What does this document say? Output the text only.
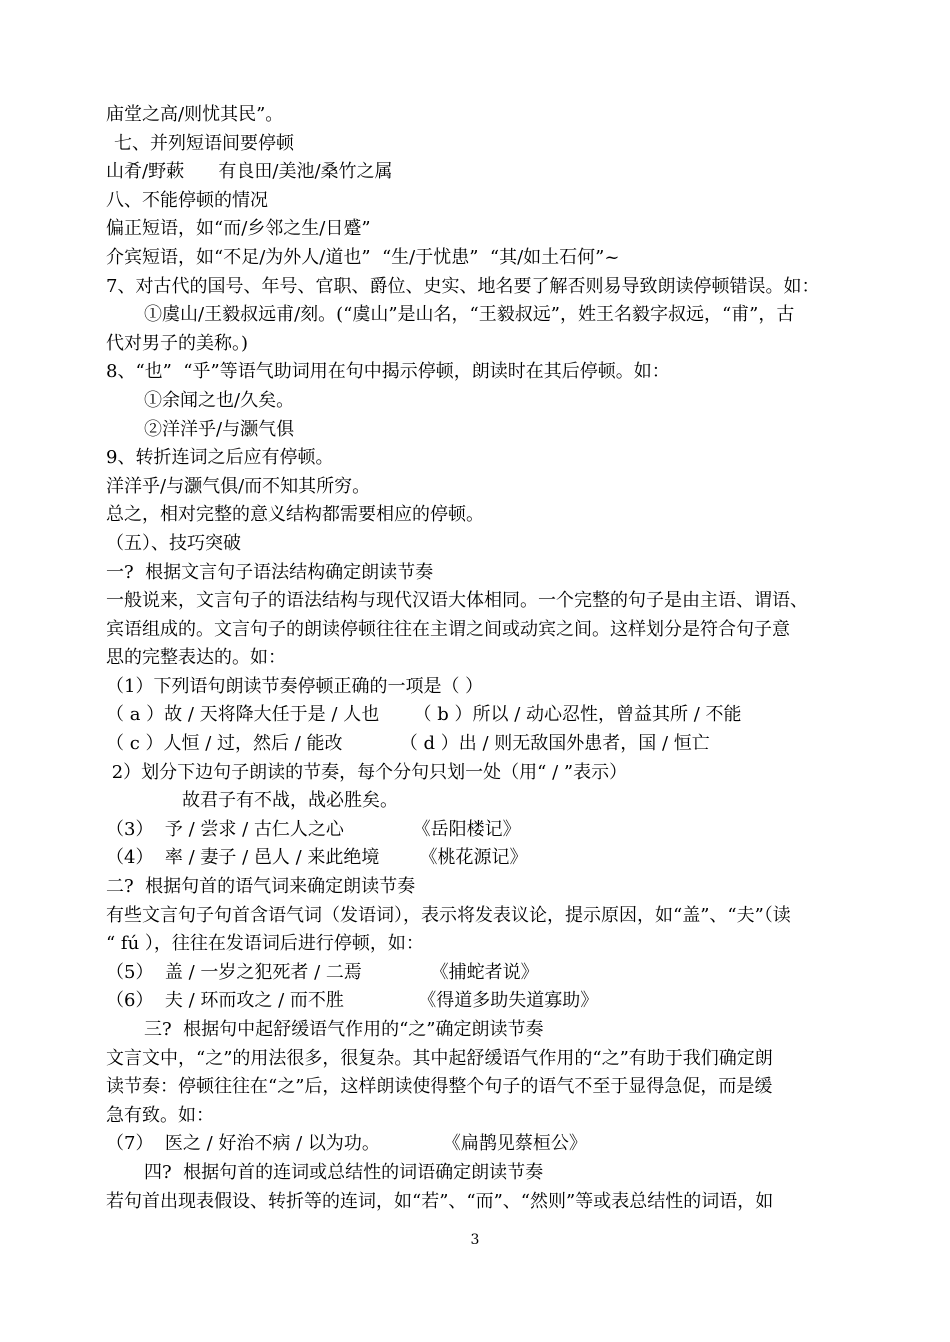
庙堂之高/则忧其民”。
七、并列短语间要停顿
山肴/野蔌      有良田/美池/桑竹之属
八、不能停顿的情况
偏正短语，如“而/乡邻之生/日蹙”
介宾短语，如“不足/为外人/道也”  “生/于忧患”  “其/如土石何”~
7、对古代的国号、年号、官职、爵位、史实、地名要了解否则易导致朗读停顿错误。如：
①虞山/王毅叔远甫/刻。(“虞山”是山名，“王毅叔远”，姓王名毅字叔远，“甫”，古
代对男子的美称。)
8、“也”  “乎”等语气助词用在句中揭示停顿，朗读时在其后停顿。如：
①余闻之也/久矣。
②洋洋乎/与灏气俱
9、转折连词之后应有停顿。
洋洋乎/与灏气俱/而不知其所穷。
总之，相对完整的意义结构都需要相应的停顿。
（五）、技巧突破
一?  根据文言句子语法结构确定朗读节奏
一般说来，文言句子的语法结构与现代汉语大体相同。一个完整的句子是由主语、谓语、
宾语组成的。文言句子的朗读停顿往往在主谓之间或动宾之间。这样划分是符合句子意
思的完整表达的。如：
（1）下列语句朗读节奏停顿正确的一项是（ ）
（ a ）故 / 天将降大任于是 / 人也      （ b ）所以 / 动心忍性，曾益其所 / 不能
（ c ）人恒 / 过，然后 / 能改          （ d ）出 / 则无敌国外患者，国 / 恒亡
2）划分下边句子朗读的节奏，每个分句只划一处（用“ / ”表示）
故君子有不战，战必胜矣。
（3）  予 / 尝求 / 古仁人之心            《岳阳楼记》
（4）  率 / 妻子 / 邑人 / 来此绝境       《桃花源记》
二?  根据句首的语气词来确定朗读节奏
有些文言句子句首含语气词（发语词），表示将发表议论，提示原因，如“盖”、“夫”（读
“ fú ），往往在发语词后进行停顿，如：
（5）  盖 / 一岁之犯死者 / 二焉            《捕蛇者说》
（6）  夫 / 环而攻之 / 而不胜             《得道多助失道寡助》
三?  根据句中起舒缓语气作用的“之”确定朗读节奏
文言文中，“之”的用法很多，很复杂。其中起舒缓语气作用的“之”有助于我们确定朗
读节奏：停顿往往在“之”后，这样朗读使得整个句子的语气不至于显得急促，而是缓
急有致。如：
（7）  医之 / 好治不病 / 以为功。           《扁鹊见蔡桓公》
四?  根据句首的连词或总结性的词语确定朗读节奏
若句首出现表假设、转折等的连词，如“若”、“而”、“然则”等或表总结性的词语，如
3
